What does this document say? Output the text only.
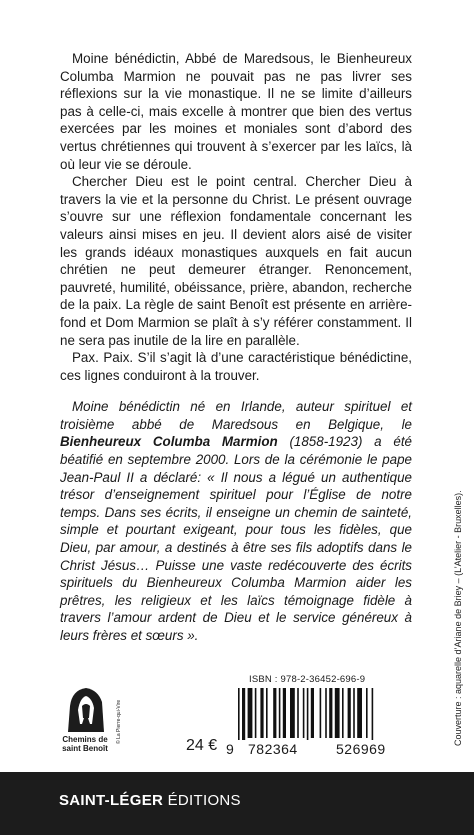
Moine bénédictin, Abbé de Maredsous, le Bienheureux Columba Marmion ne pouvait pas ne pas livrer ses réflexions sur la vie monastique. Il ne se limite d’ailleurs pas à celle-ci, mais excelle à montrer que bien des vertus exercées par les moines et moniales sont d’abord des vertus chrétiennes qui trouvent à s’exercer par les laïcs, là où leur vie se déroule.

Chercher Dieu est le point central. Chercher Dieu à travers la vie et la personne du Christ. Le présent ouvrage s’ouvre sur une réflexion fondamentale concernant les valeurs ainsi mises en jeu. Il devient alors aisé de visiter les grands idéaux monastiques auxquels en fait aucun chrétien ne peut demeurer étranger. Renoncement, pauvreté, humilité, obéissance, prière, abandon, recherche de la paix. La règle de saint Benoît est présente en arrière-fond et Dom Marmion se plaît à s’y référer constamment. Il ne sera pas inutile de la lire en parallèle.

Pax. Paix. S’il s’agit là d’une caractéristique bénédictine, ces lignes conduiront à la trouver.

Moine bénédictin né en Irlande, auteur spirituel et troisième abbé de Maredsous en Belgique, le Bienheureux Columba Marmion (1858-1923) a été béatifié en septembre 2000. Lors de la cérémonie le pape Jean-Paul II a déclaré: « Il nous a légué un authentique trésor d’enseignement spirituel pour l’Église de notre temps. Dans ses écrits, il enseigne un chemin de sainteté, simple et pourtant exigeant, pour tous les fidèles, que Dieu, par amour, a destinés à être ses fils adoptifs dans le Christ Jésus… Puisse une vaste redécouverte des écrits spirituels du Bienheureux Columba Marmion aider les prêtres, les religieux et les laïcs témoignage fidèle à travers l’amour ardent de Dieu et le service généreux à leurs frères et sœurs ».	Couverture : aquarelle d’Ariane de Briey – (L’Atelier - Bruxelles).
Chemins de
saint Benoît
© La Pierre-qui-Vire
ISBN : 978-2-36452-696-9
24 € 9 782364	526969
SAINT-LÉGER ÉDITIONS
